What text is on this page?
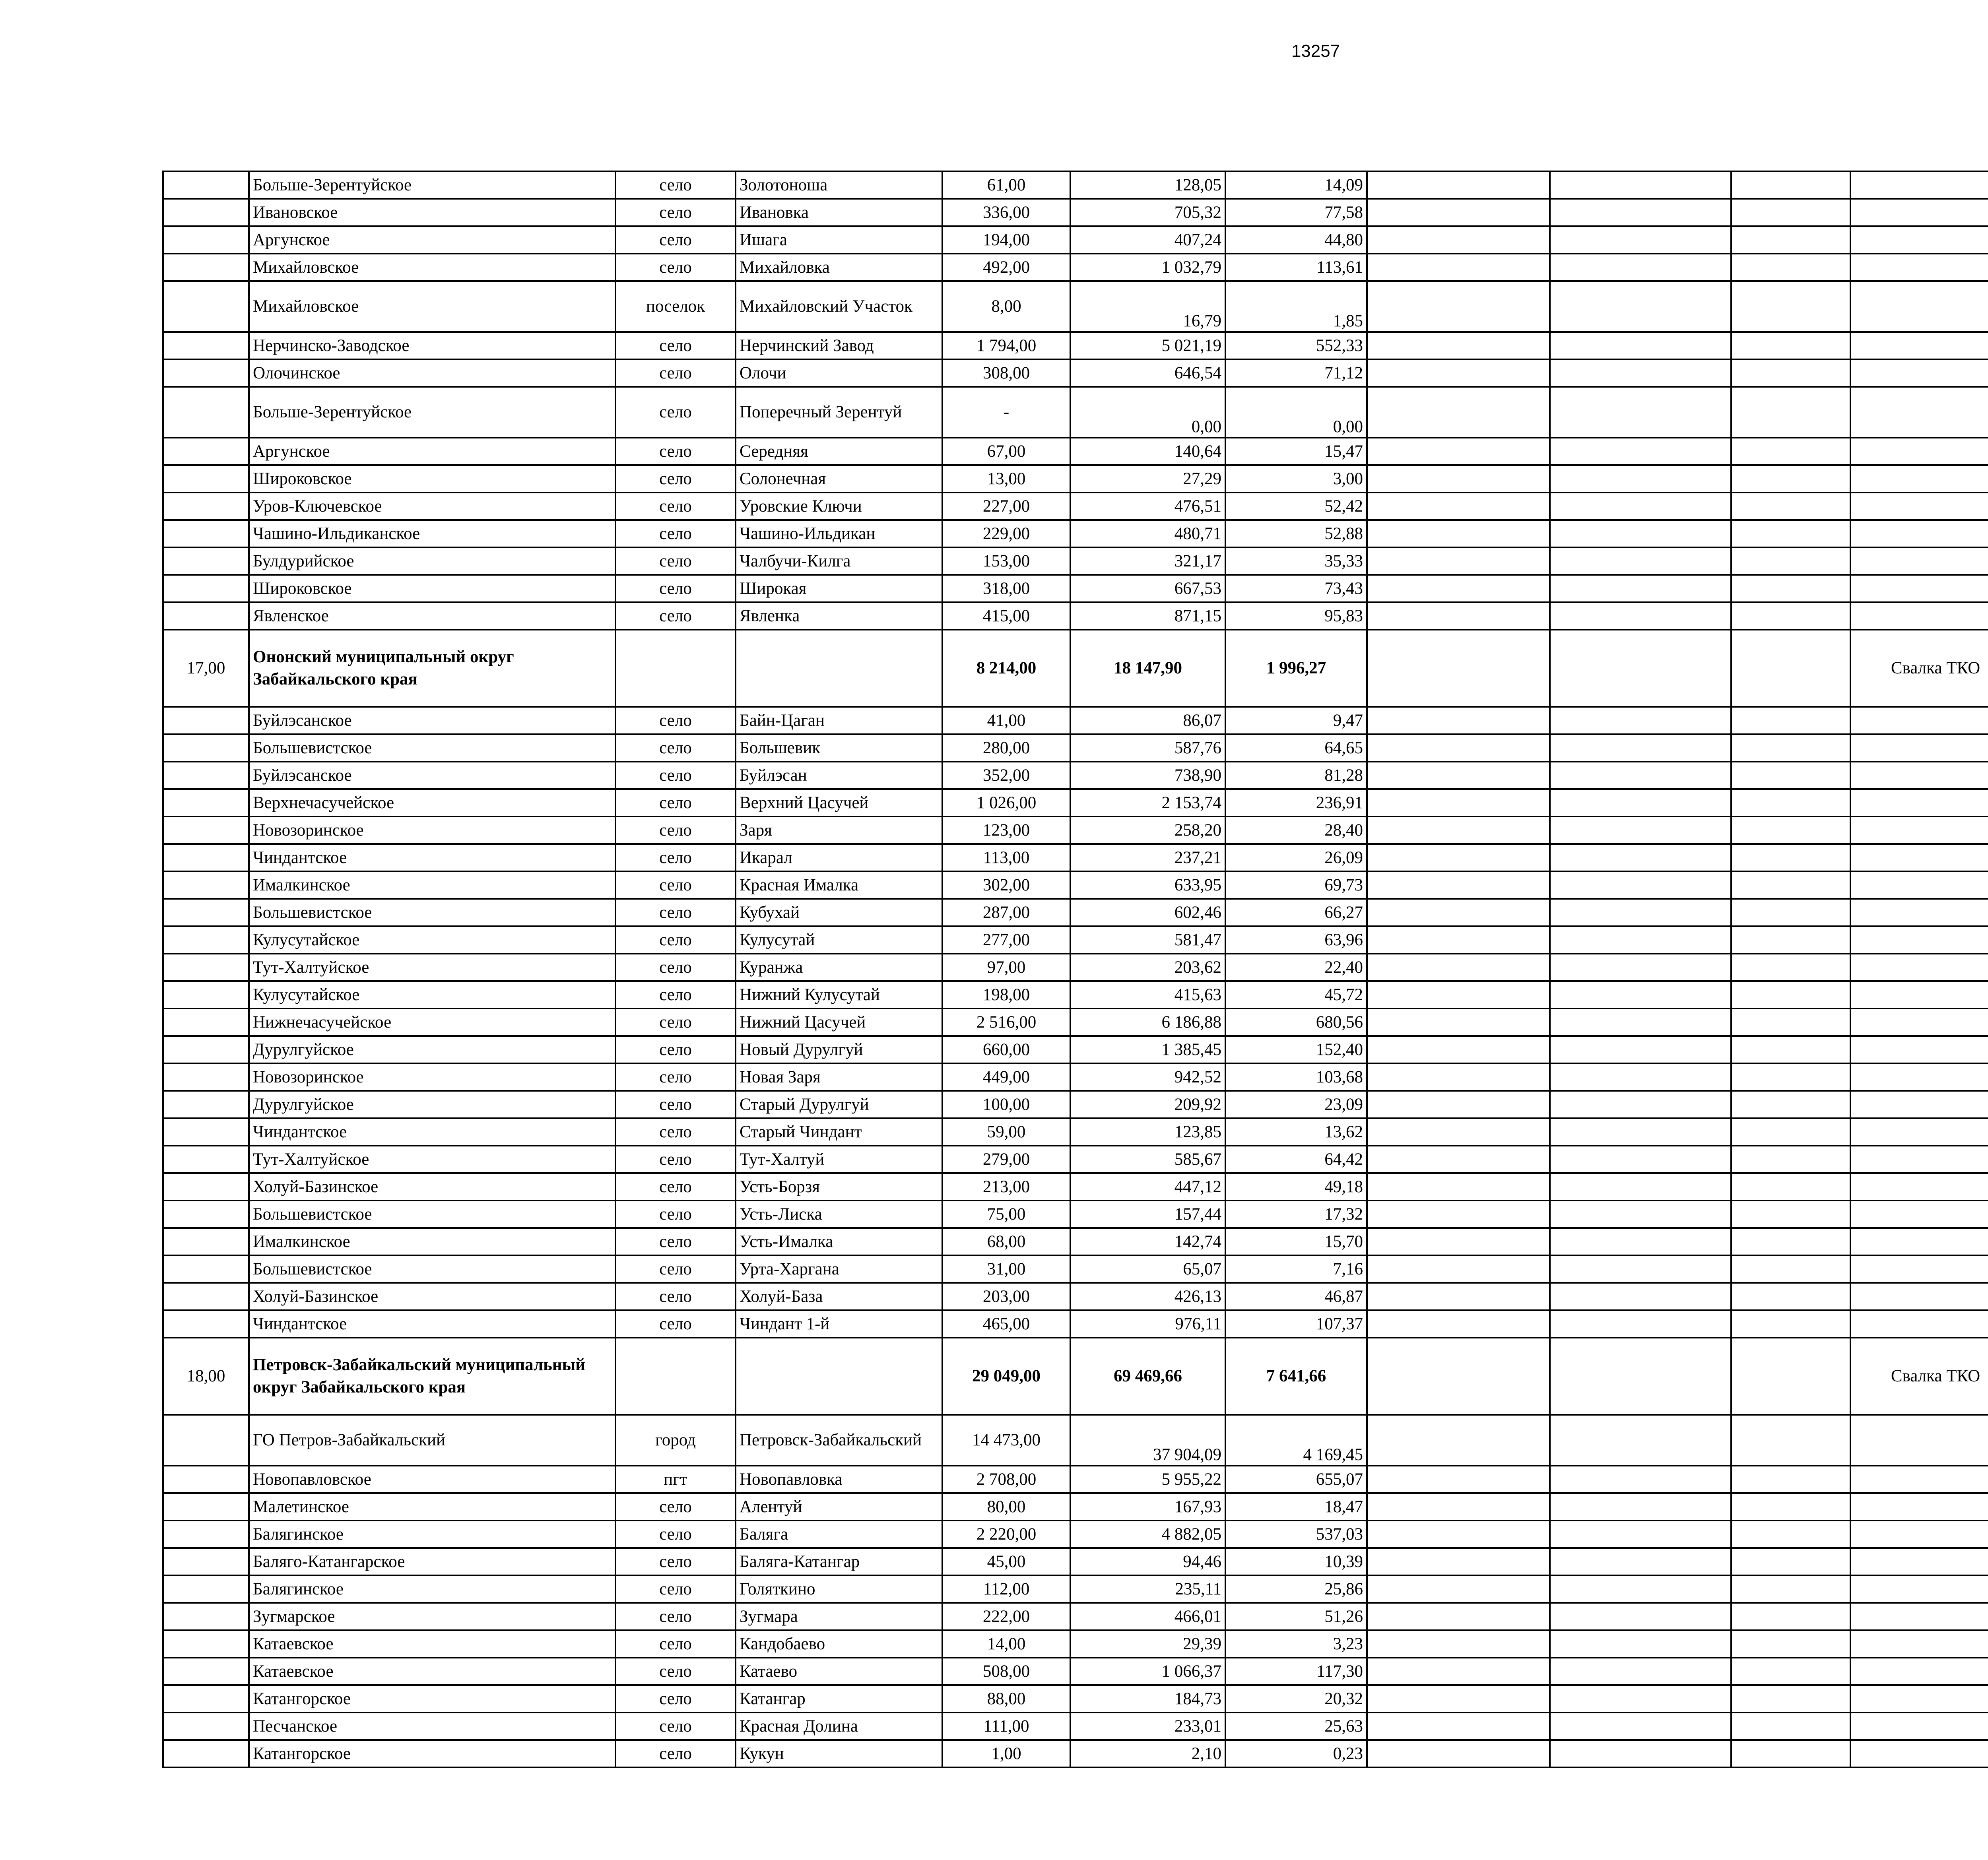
13257
	Больше-Зерентуйское	село	Золотоноша	61,00	128,05	14,09						
	Ивановское	село	Ивановка	336,00	705,32	77,58						
	Аргунское	село	Ишага	194,00	407,24	44,80						
	Михайловское	село	Михайловка	492,00	1 032,79	113,61						
	Михайловское	поселок	Михайловский Участок	8,00	16,79	1,85						
	Нерчинско-Заводское	село	Нерчинский Завод	1 794,00	5 021,19	552,33						
	Олочинское	село	Олочи	308,00	646,54	71,12						
	Больше-Зерентуйское	село	Поперечный Зерентуй	-	0,00	0,00						
	Аргунское	село	Середняя	67,00	140,64	15,47						
	Широковское	село	Солонечная	13,00	27,29	3,00						
	Уров-Ключевское	село	Уровские Ключи	227,00	476,51	52,42						
	Чашино-Ильдиканское	село	Чашино-Ильдикан	229,00	480,71	52,88						
	Булдурийское	село	Чалбучи-Килга	153,00	321,17	35,33						
	Широковское	село	Широкая	318,00	667,53	73,43						
	Явленское	село	Явленка	415,00	871,15	95,83						
17,00	Ононский муниципальный округ Забайкальского края			8 214,00	18 147,90	1 996,27				Свалка ТКО		
	Буйлэсанское	село	Байн-Цаган	41,00	86,07	9,47						
	Большевистское	село	Большевик	280,00	587,76	64,65						
	Буйлэсанское	село	Буйлэсан	352,00	738,90	81,28						
	Верхнечасучейское	село	Верхний Цасучей	1 026,00	2 153,74	236,91						
	Новозоринское	село	Заря	123,00	258,20	28,40						
	Чиндантское	село	Икарал	113,00	237,21	26,09						
	Ималкинское	село	Красная Ималка	302,00	633,95	69,73						
	Большевистское	село	Кубухай	287,00	602,46	66,27						
	Кулусутайское	село	Кулусутай	277,00	581,47	63,96						
	Тут-Халтуйское	село	Куранжа	97,00	203,62	22,40						
	Кулусутайское	село	Нижний Кулусутай	198,00	415,63	45,72						
	Нижнечасучейское	село	Нижний Цасучей	2 516,00	6 186,88	680,56						
	Дурулгуйское	село	Новый Дурулгуй	660,00	1 385,45	152,40						
	Новозоринское	село	Новая Заря	449,00	942,52	103,68						
	Дурулгуйское	село	Старый Дурулгуй	100,00	209,92	23,09						
	Чиндантское	село	Старый Чиндант	59,00	123,85	13,62						
	Тут-Халтуйское	село	Тут-Халтуй	279,00	585,67	64,42						
	Холуй-Базинское	село	Усть-Борзя	213,00	447,12	49,18						
	Большевистское	село	Усть-Лиска	75,00	157,44	17,32						
	Ималкинское	село	Усть-Ималка	68,00	142,74	15,70						
	Большевистское	село	Урта-Харгана	31,00	65,07	7,16						
	Холуй-Базинское	село	Холуй-База	203,00	426,13	46,87						
	Чиндантское	село	Чиндант 1-й	465,00	976,11	107,37						
18,00	Петровск-Забайкальский муниципальный округ Забайкальского края			29 049,00	69 469,66	7 641,66				Свалка ТКО		
	ГО Петров-Забайкальский	город	Петровск-Забайкальский	14 473,00	37 904,09	4 169,45						
	Новопавловское	пгт	Новопавловка	2 708,00	5 955,22	655,07						
	Малетинское	село	Алентуй	80,00	167,93	18,47						
	Балягинское	село	Баляга	2 220,00	4 882,05	537,03						
	Баляго-Катангарское	село	Баляга-Катангар	45,00	94,46	10,39						
	Балягинское	село	Голяткино	112,00	235,11	25,86						
	Зугмарское	село	Зугмара	222,00	466,01	51,26						
	Катаевское	село	Кандобаево	14,00	29,39	3,23						
	Катаевское	село	Катаево	508,00	1 066,37	117,30						
	Катангорское	село	Катангар	88,00	184,73	20,32						
	Песчанское	село	Красная Долина	111,00	233,01	25,63						
	Катангорское	село	Кукун	1,00	2,10	0,23						
